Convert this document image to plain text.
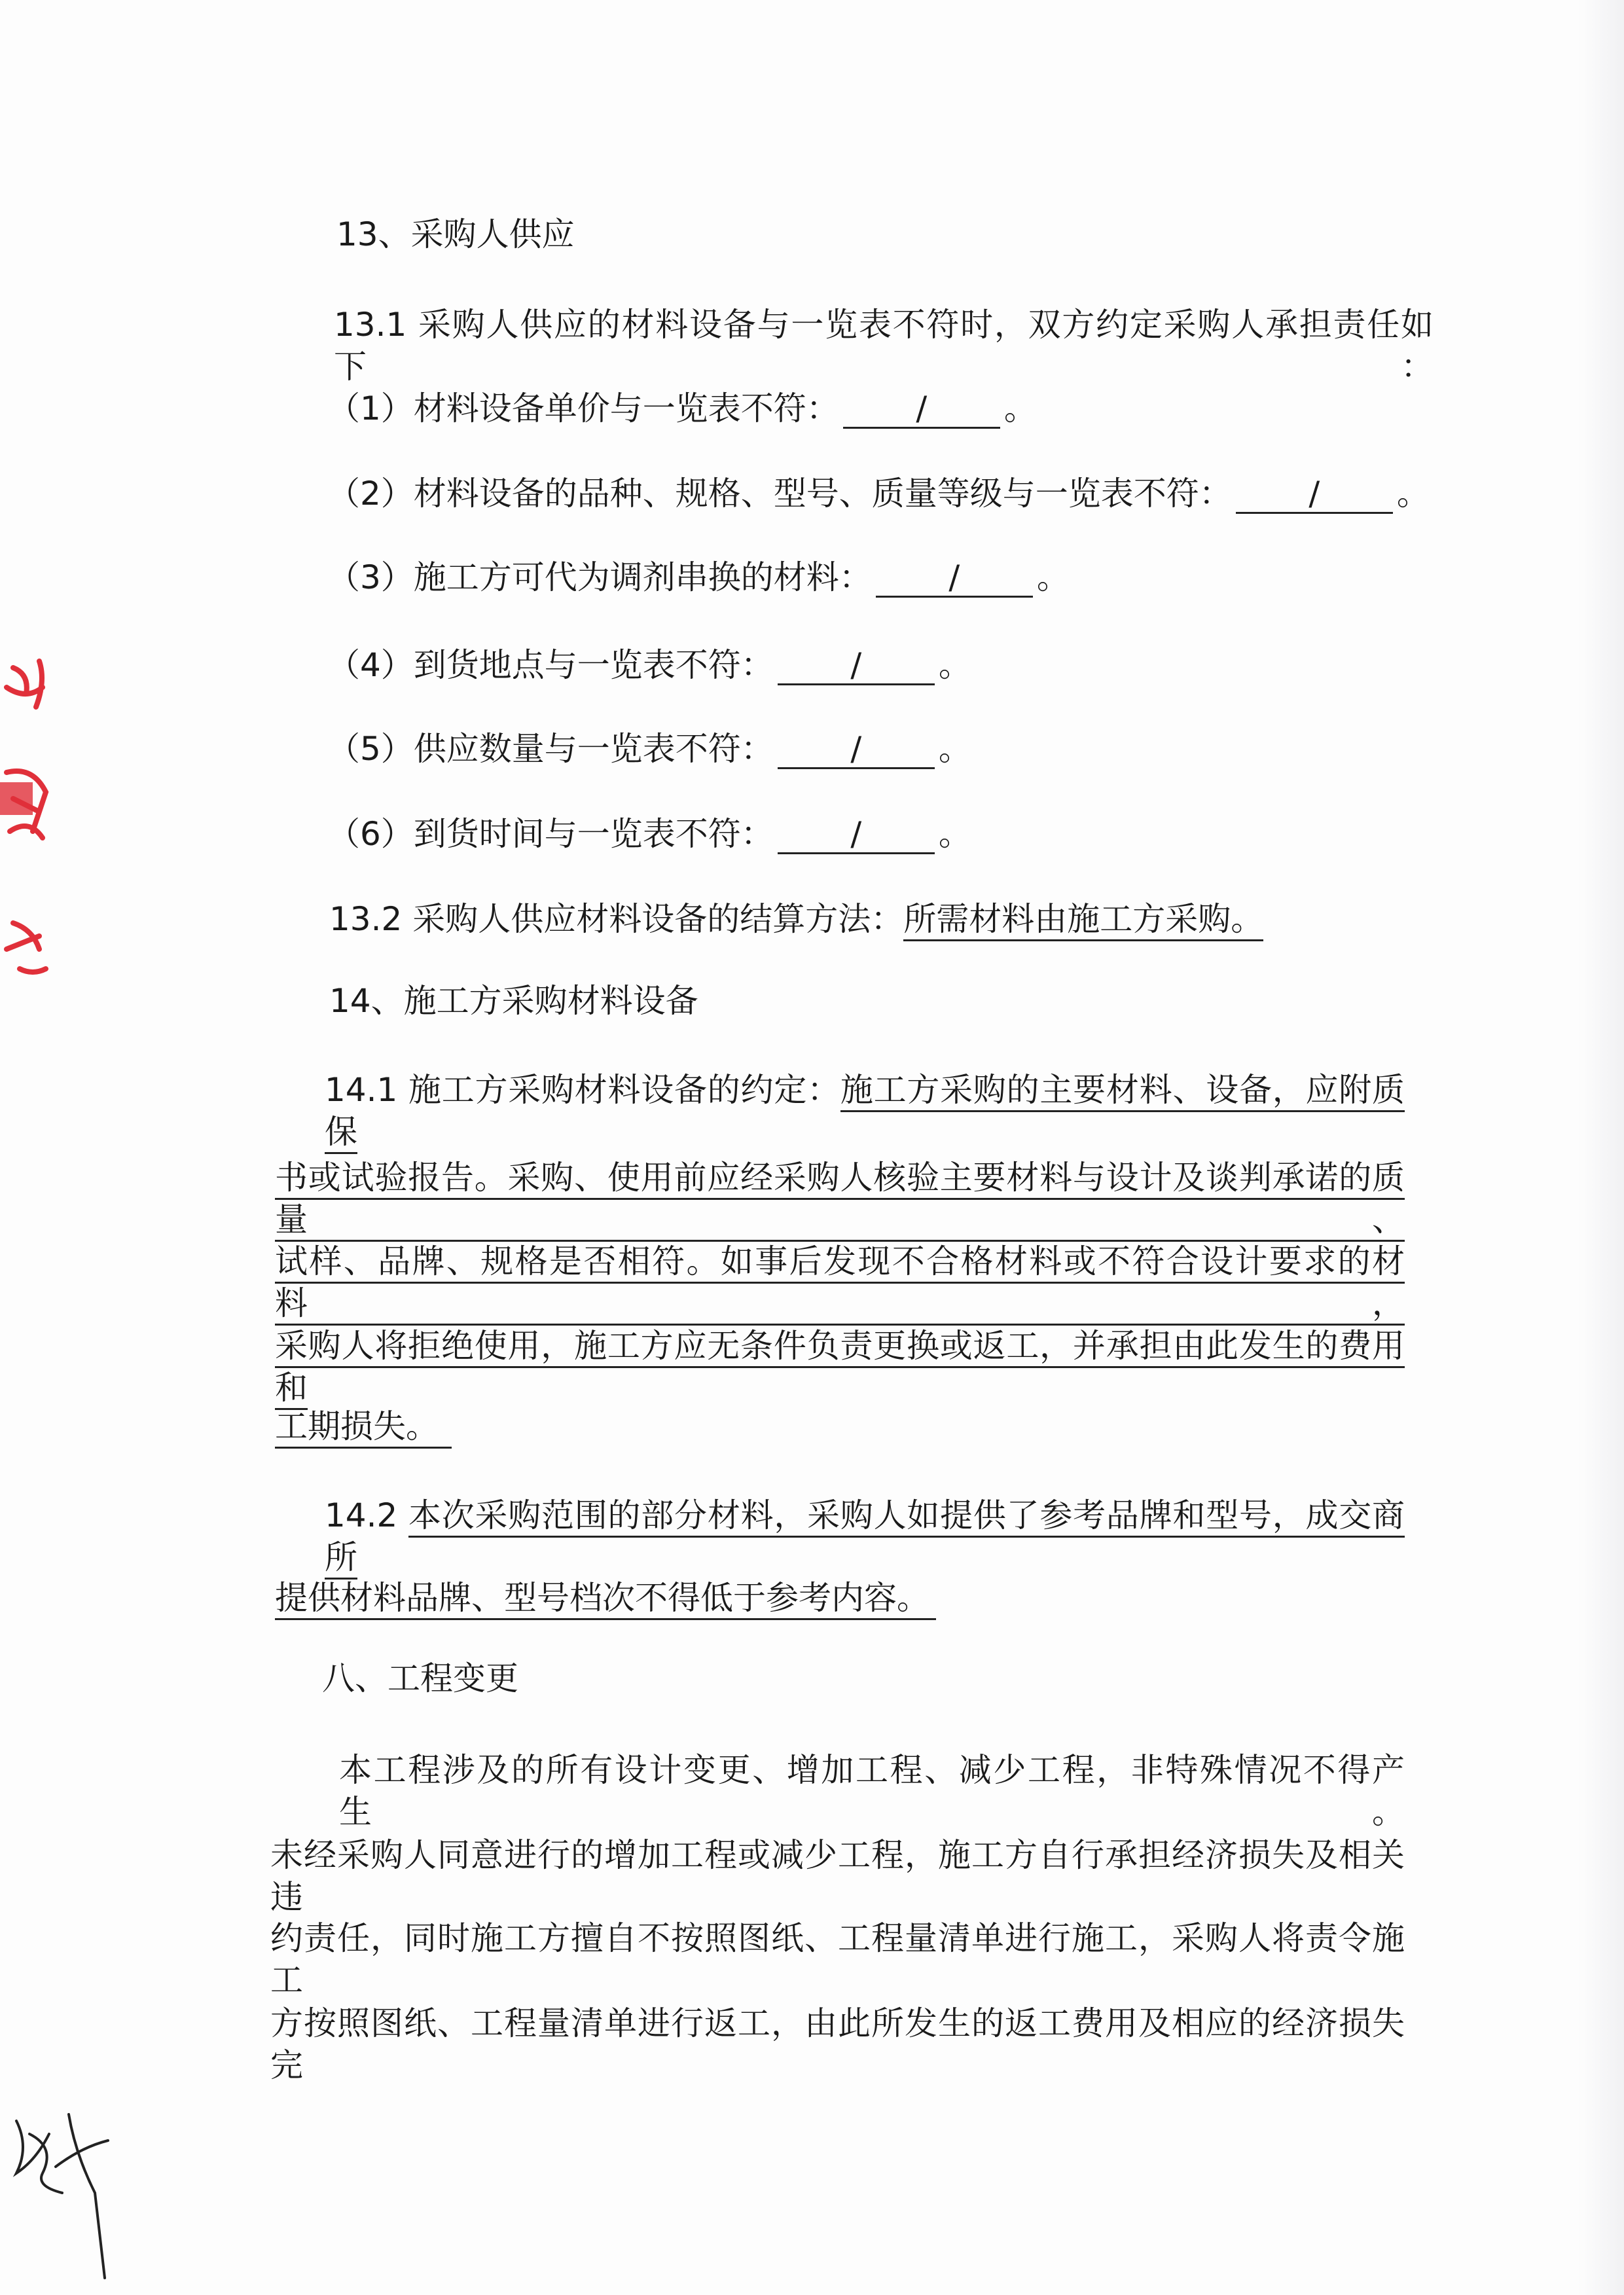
13、采购人供应
13.1 采购人供应的材料设备与一览表不符时，双方约定采购人承担责任如下：
（1）材料设备单价与一览表不符： / 。
（2）材料设备的品种、规格、型号、质量等级与一览表不符： / 。
（3）施工方可代为调剂串换的材料： / 。
（4）到货地点与一览表不符： / 。
（5）供应数量与一览表不符： / 。
（6）到货时间与一览表不符： / 。
13.2 采购人供应材料设备的结算方法：所需材料由施工方采购。
14、施工方采购材料设备
14.1 施工方采购材料设备的约定：施工方采购的主要材料、设备，应附质保
书或试验报告。采购、使用前应经采购人核验主要材料与设计及谈判承诺的质量、
试样、品牌、规格是否相符。如事后发现不合格材料或不符合设计要求的材料，
采购人将拒绝使用，施工方应无条件负责更换或返工，并承担由此发生的费用和
工期损失。
14.2 本次采购范围的部分材料，采购人如提供了参考品牌和型号，成交商所
提供材料品牌、型号档次不得低于参考内容。
八、工程变更
本工程涉及的所有设计变更、增加工程、减少工程，非特殊情况不得产生。
未经采购人同意进行的增加工程或减少工程，施工方自行承担经济损失及相关违
约责任，同时施工方擅自不按照图纸、工程量清单进行施工，采购人将责令施工
方按照图纸、工程量清单进行返工，由此所发生的返工费用及相应的经济损失完
